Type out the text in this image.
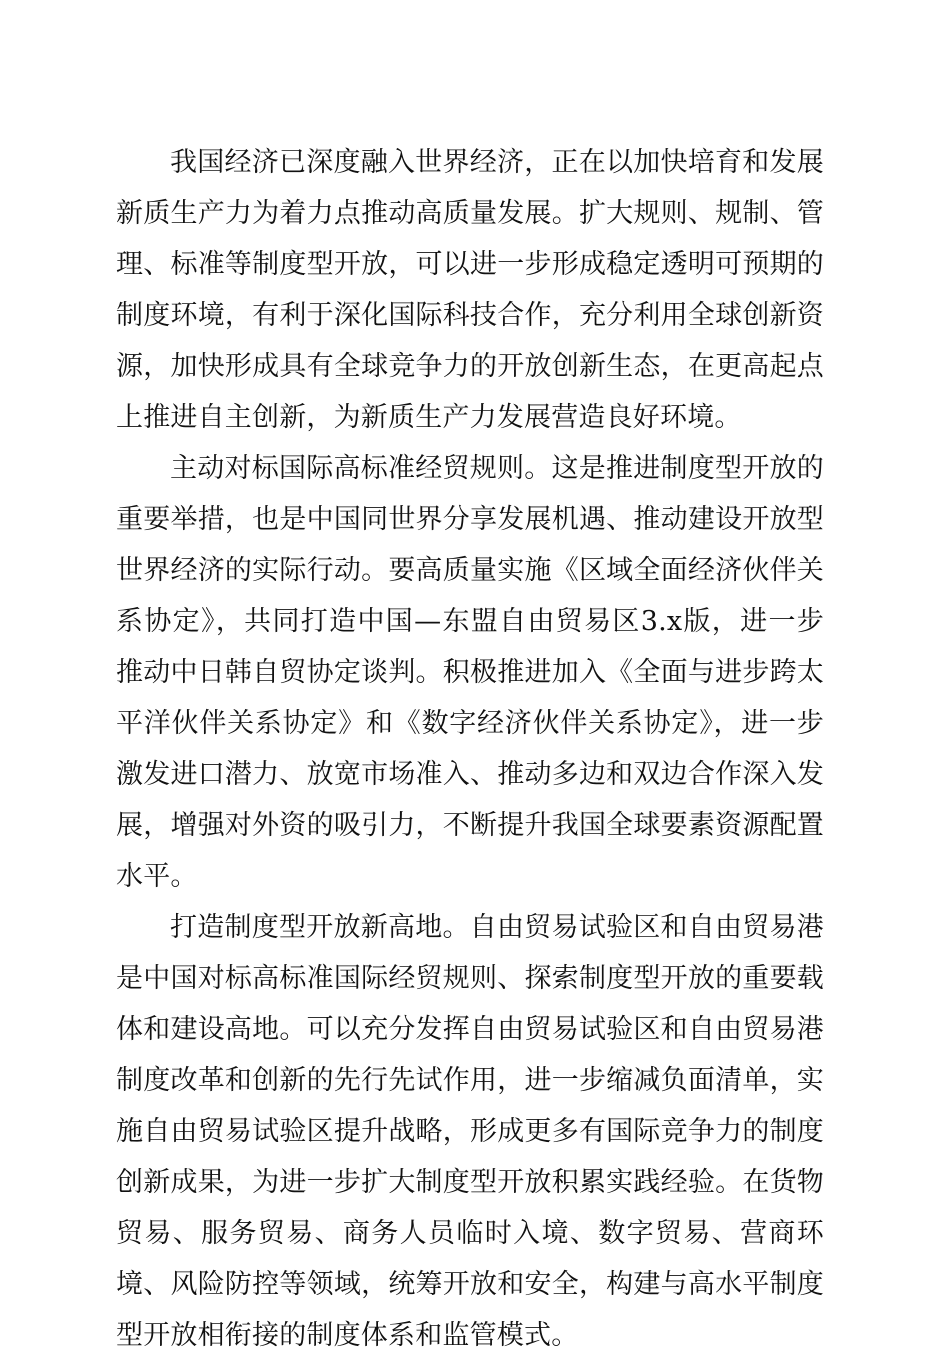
我国经济已深度融入世界经济，正在以加快培育和发展新质生产力为着力点推动高质量发展。扩大规则、规制、管理、标准等制度型开放，可以进一步形成稳定透明可预期的制度环境，有利于深化国际科技合作，充分利用全球创新资源，加快形成具有全球竞争力的开放创新生态，在更高起点上推进自主创新，为新质生产力发展营造良好环境。

主动对标国际高标准经贸规则。这是推进制度型开放的重要举措，也是中国同世界分享发展机遇、推动建设开放型世界经济的实际行动。要高质量实施《区域全面经济伙伴关系协定》，共同打造中国—东盟自由贸易区3.x版，进一步推动中日韩自贸协定谈判。积极推进加入《全面与进步跨太平洋伙伴关系协定》和《数字经济伙伴关系协定》，进一步激发进口潜力、放宽市场准入、推动多边和双边合作深入发展，增强对外资的吸引力，不断提升我国全球要素资源配置水平。

打造制度型开放新高地。自由贸易试验区和自由贸易港是中国对标高标准国际经贸规则、探索制度型开放的重要载体和建设高地。可以充分发挥自由贸易试验区和自由贸易港制度改革和创新的先行先试作用，进一步缩减负面清单，实施自由贸易试验区提升战略，形成更多有国际竞争力的制度创新成果，为进一步扩大制度型开放积累实践经验。在货物贸易、服务贸易、商务人员临时入境、数字贸易、营商环境、风险防控等领域，统筹开放和安全，构建与高水平制度型开放相衔接的制度体系和监管模式。
